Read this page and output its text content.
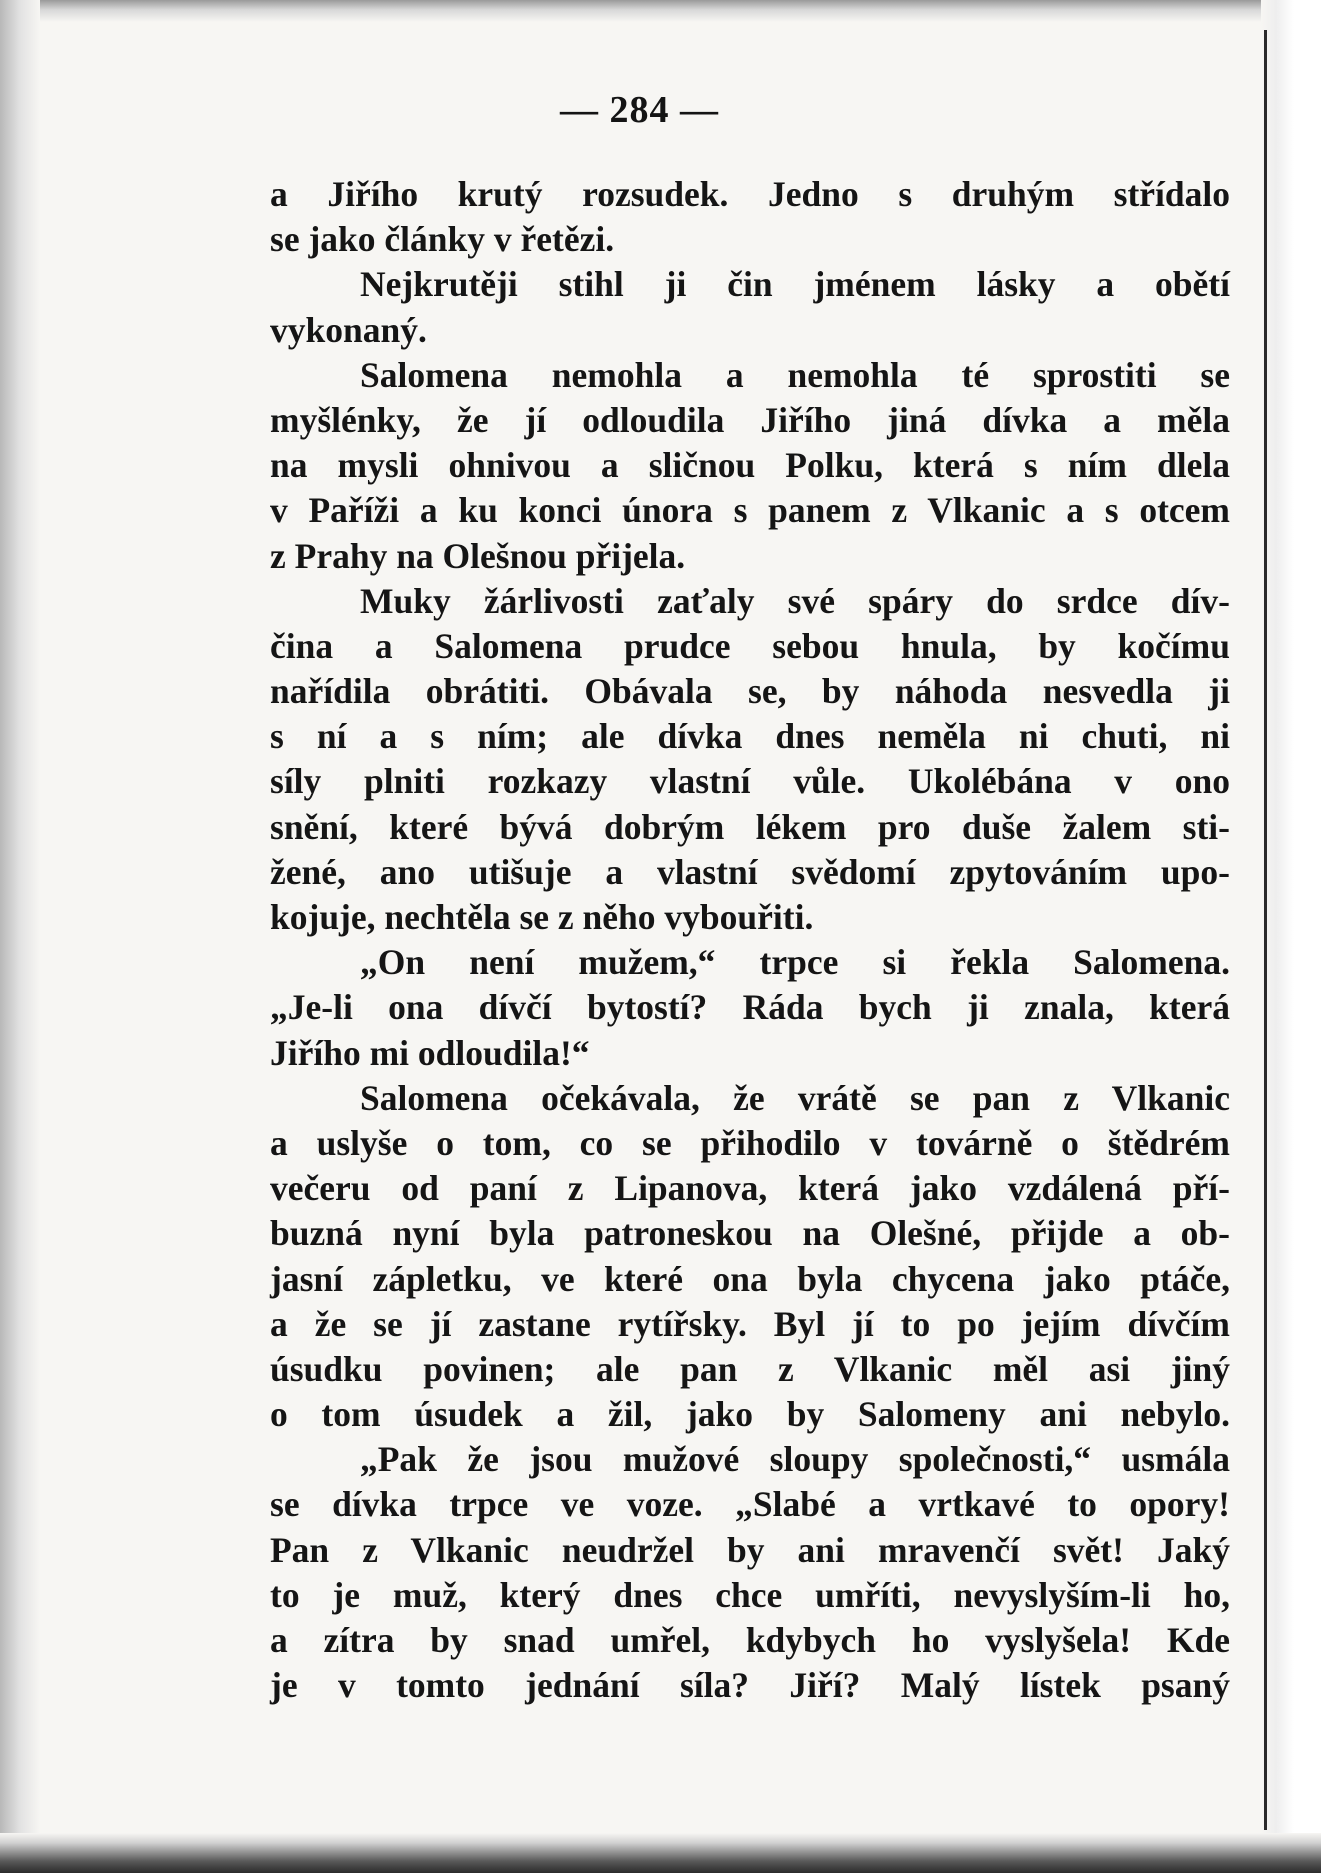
— 284 —
a Jiřího krutý rozsudek. Jedno s druhým střídalo
se jako články v řetězi.
Nejkrutěji stihl ji čin jménem lásky a obětí
vykonaný.
Salomena nemohla a nemohla té sprostiti se
myšlénky, že jí odloudila Jiřího jiná dívka a měla
na mysli ohnivou a sličnou Polku, která s ním dlela
v Paříži a ku konci února s panem z Vlkanic a s otcem
z Prahy na Olešnou přijela.
Muky žárlivosti zaťaly své spáry do srdce dív-
čina a Salomena prudce sebou hnula, by kočímu
nařídila obrátiti. Obávala se, by náhoda nesvedla ji
s ní a s ním; ale dívka dnes neměla ni chuti, ni
síly plniti rozkazy vlastní vůle. Ukolébána v ono
snění, které bývá dobrým lékem pro duše žalem sti-
žené, ano utišuje a vlastní svědomí zpytováním upo-
kojuje, nechtěla se z něho vybouřiti.
„On není mužem,“ trpce si řekla Salomena.
„Je-li ona dívčí bytostí? Ráda bych ji znala, která
Jiřího mi odloudila!“
Salomena očekávala, že vrátě se pan z Vlkanic
a uslyše o tom, co se přihodilo v továrně o štědrém
večeru od paní z Lipanova, která jako vzdálená pří-
buzná nyní byla patroneskou na Olešné, přijde a ob-
jasní zápletku, ve které ona byla chycena jako ptáče,
a že se jí zastane rytířsky. Byl jí to po jejím dívčím
úsudku povinen; ale pan z Vlkanic měl asi jiný
o tom úsudek a žil, jako by Salomeny ani nebylo.
„Pak že jsou mužové sloupy společnosti,“ usmála
se dívka trpce ve voze. „Slabé a vrtkavé to opory!
Pan z Vlkanic neudržel by ani mravenčí svět! Jaký
to je muž, který dnes chce umříti, nevyslyším-li ho,
a zítra by snad umřel, kdybych ho vyslyšela! Kde
je v tomto jednání síla? Jiří? Malý lístek psaný
